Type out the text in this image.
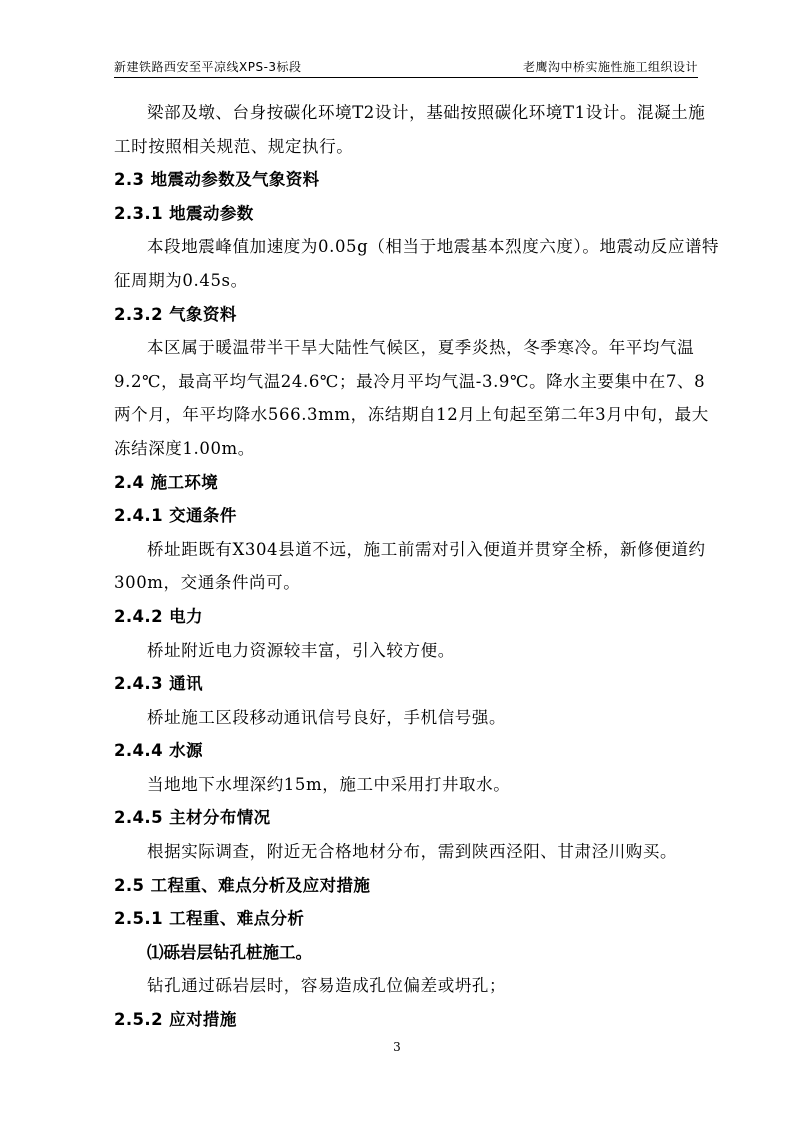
新建铁路西安至平凉线XPS-3标段	老鹰沟中桥实施性施工组织设计

梁部及墩、台身按碳化环境T2设计，基础按照碳化环境T1设计。混凝土施工时按照相关规范、规定执行。

2.3 地震动参数及气象资料

2.3.1 地震动参数

本段地震峰值加速度为0.05g（相当于地震基本烈度六度）。地震动反应谱特征周期为0.45s。

2.3.2 气象资料

本区属于暖温带半干旱大陆性气候区，夏季炎热，冬季寒冷。年平均气温9.2℃，最高平均气温24.6℃；最冷月平均气温-3.9℃。降水主要集中在7、8两个月，年平均降水566.3mm，冻结期自12月上旬起至第二年3月中旬，最大冻结深度1.00m。

2.4 施工环境

2.4.1 交通条件

桥址距既有X304县道不远，施工前需对引入便道并贯穿全桥，新修便道约300m，交通条件尚可。

2.4.2 电力

桥址附近电力资源较丰富，引入较方便。

2.4.3 通讯

桥址施工区段移动通讯信号良好，手机信号强。

2.4.4 水源

当地地下水埋深约15m，施工中采用打井取水。

2.4.5 主材分布情况

根据实际调查，附近无合格地材分布，需到陕西泾阳、甘肃泾川购买。

2.5 工程重、难点分析及应对措施

2.5.1 工程重、难点分析

⑴砾岩层钻孔桩施工。

钻孔通过砾岩层时，容易造成孔位偏差或坍孔；

2.5.2 应对措施

3
